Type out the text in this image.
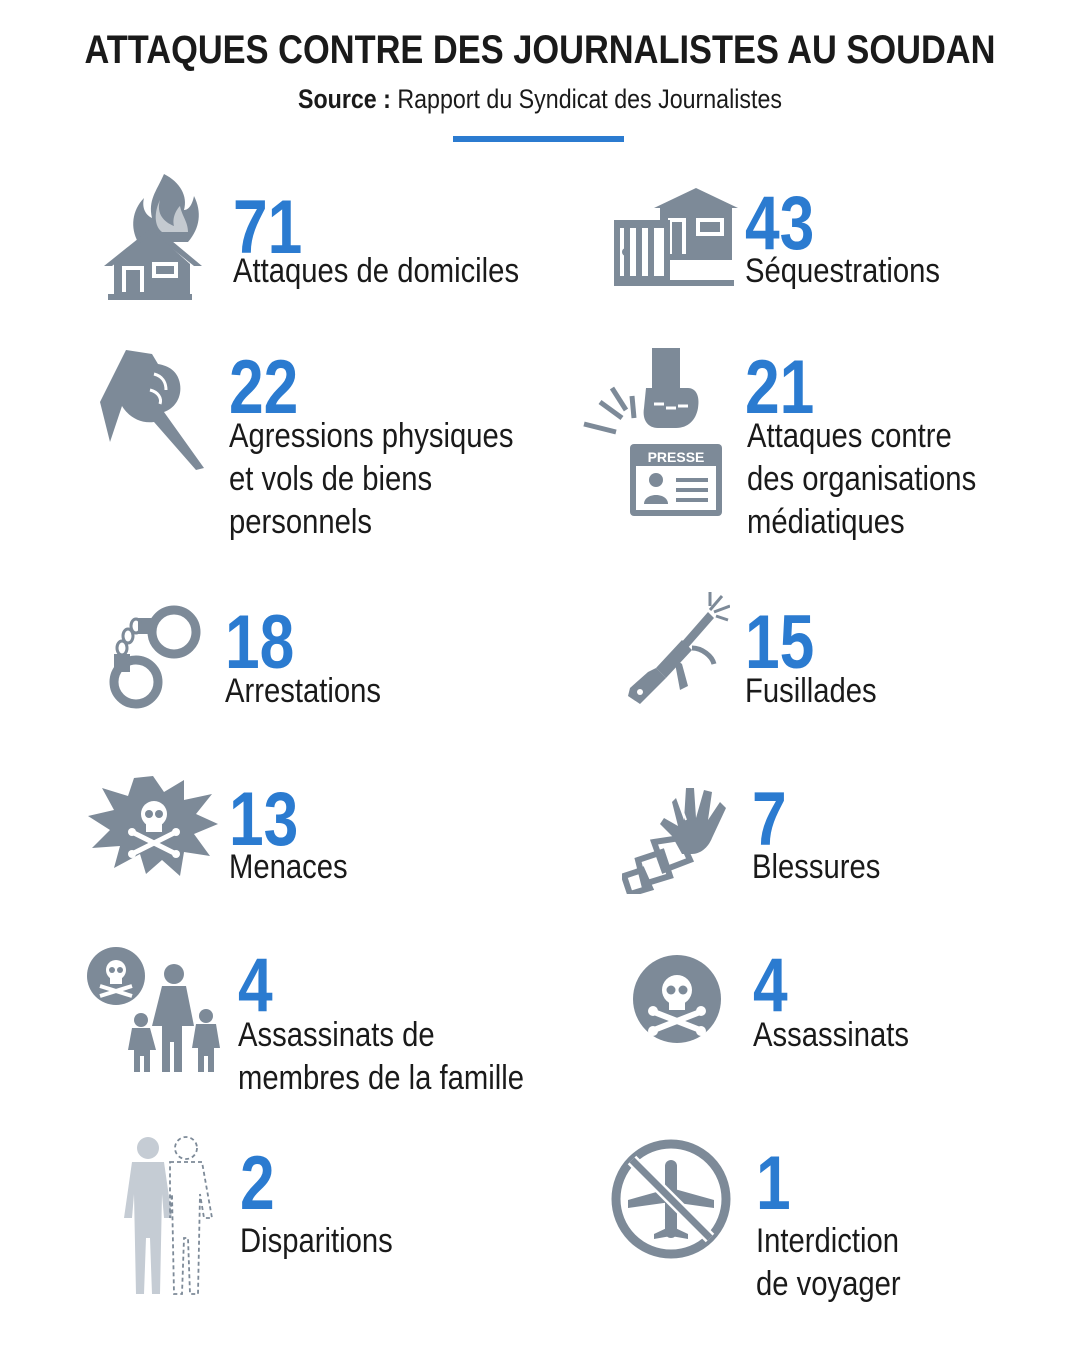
ATTAQUES CONTRE DES JOURNALISTES AU SOUDAN
Source : Rapport du Syndicat des Journalistes
71
Attaques de domiciles
43
Séquestrations
22
Agressions physiques
et vols de biens
personnels
PRESSE
21
Attaques contre
des organisations
médiatiques
18
Arrestations
15
Fusillades
13
Menaces
7
Blessures
4
Assassinats de
membres de la famille
4
Assassinats
2
Disparitions
1
Interdiction
de voyager
